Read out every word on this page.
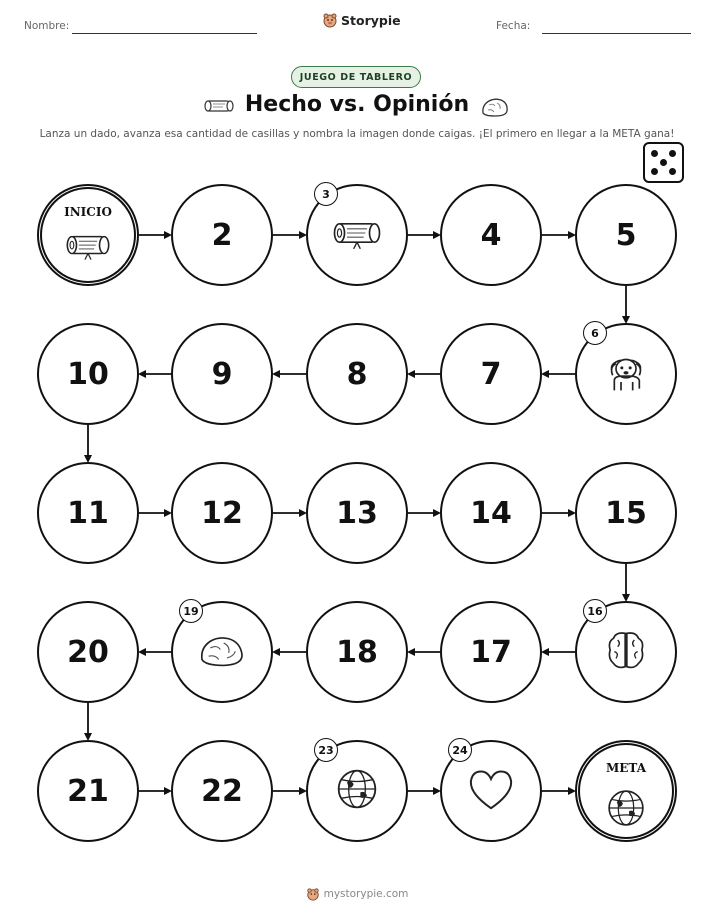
Nombre:	Storypie	Fecha:
JUEGO DE TABLERO
Hecho vs. Opinión
Lanza un dado, avanza esa cantidad de casillas y nombra la imagen donde caigas. ¡El primero en llegar a la META gana!
INICIO
2
3
4	5
6
7
8
9
10
11	12	13	14	15
16
17
18
19
20
21	22
23	24
META
mystorypie.com
